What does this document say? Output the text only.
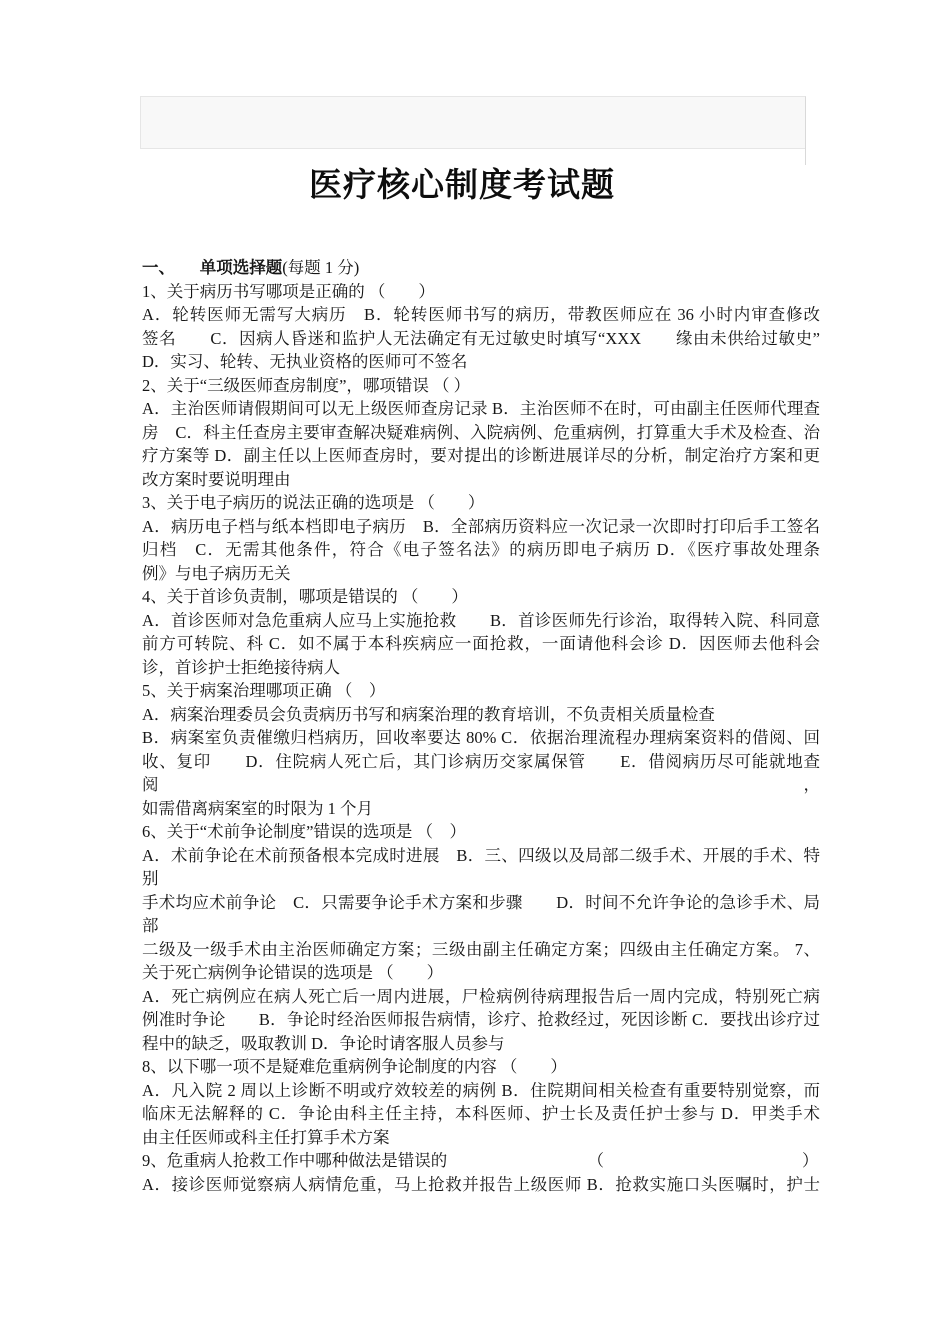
医疗核心制度考试题
一、　　单项选择题(每题 1 分)
1、关于病历书写哪项是正确的 （　　）
A．轮转医师无需写大病历　B．轮转医师书写的病历，带教医师应在 36 小时内审查修改
签名　　C．因病人昏迷和监护人无法确定有无过敏史时填写“XXX　　缘由未供给过敏史”
D．实习、轮转、无执业资格的医师可不签名
2、关于“三级医师查房制度”，哪项错误 （ ）
A．主治医师请假期间可以无上级医师查房记录 B．主治医师不在时，可由副主任医师代理查
房　C．科主任查房主要审查解决疑难病例、入院病例、危重病例，打算重大手术及检查、治
疗方案等 D．副主任以上医师查房时，要对提出的诊断进展详尽的分析，制定治疗方案和更
改方案时要说明理由
3、关于电子病历的说法正确的选项是 （　　）
A．病历电子档与纸本档即电子病历　B．全部病历资料应一次记录一次即时打印后手工签名
归档　C．无需其他条件，符合《电子签名法》的病历即电子病历 D．《医疗事故处理条
例》与电子病历无关
4、关于首诊负责制，哪项是错误的 （　　）
A．首诊医师对急危重病人应马上实施抢救　　B．首诊医师先行诊治，取得转入院、科同意
前方可转院、科 C．如不属于本科疾病应一面抢救，一面请他科会诊 D．因医师去他科会
诊，首诊护士拒绝接待病人
5、关于病案治理哪项正确 （　）
A．病案治理委员会负责病历书写和病案治理的教育培训，不负责相关质量检查
B．病案室负责催缴归档病历，回收率要达 80% C．依据治理流程办理病案资料的借阅、回
收、复印　　D．住院病人死亡后，其门诊病历交家属保管　　E．借阅病历尽可能就地查阅，
如需借离病案室的时限为 1 个月
6、关于“术前争论制度”错误的选项是 （　）
A．术前争论在术前预备根本完成时进展　B．三、四级以及局部二级手术、开展的手术、特别
手术均应术前争论　C．只需要争论手术方案和步骤　　D．时间不允许争论的急诊手术、局部
二级及一级手术由主治医师确定方案；三级由副主任确定方案；四级由主任确定方案。 7、
关于死亡病例争论错误的选项是 （　　）
A．死亡病例应在病人死亡后一周内进展，尸检病例待病理报告后一周内完成，特别死亡病
例准时争论　　B．争论时经治医师报告病情，诊疗、抢救经过，死因诊断 C．要找出诊疗过
程中的缺乏，吸取教训 D．争论时请客服人员参与
8、以下哪一项不是疑难危重病例争论制度的内容 （　　）
A．凡入院 2 周以上诊断不明或疗效较差的病例 B．住院期间相关检查有重要特别觉察，而
临床无法解释的 C．争论由科主任主持，本科医师、护士长及责任护士参与 D．甲类手术
由主任医师或科主任打算手术方案
9、危重病人抢救工作中哪种做法是错误的　　　　　　　　　（　　　　　　　　　　　　）
A．接诊医师觉察病人病情危重，马上抢救并报告上级医师 B．抢救实施口头医嘱时，护士
